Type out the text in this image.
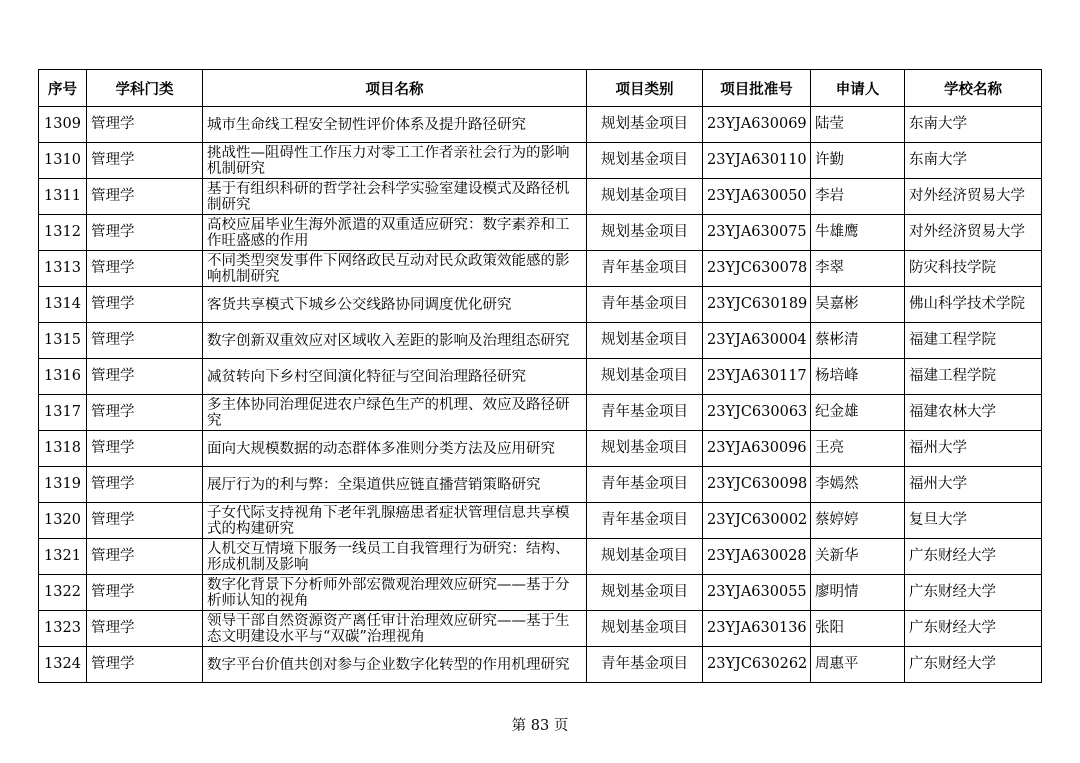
序号	学科门类	项目名称	项目类别	项目批准号	申请人	学校名称
1309	管理学	城市生命线工程安全韧性评价体系及提升路径研究	规划基金项目	23YJA630069	陆莹	东南大学
1310	管理学	挑战性—阻碍性工作压力对零工工作者亲社会行为的影响机制研究	规划基金项目	23YJA630110	许勤	东南大学
1311	管理学	基于有组织科研的哲学社会科学实验室建设模式及路径机制研究	规划基金项目	23YJA630050	李岩	对外经济贸易大学
1312	管理学	高校应届毕业生海外派遣的双重适应研究：数字素养和工作旺盛感的作用	规划基金项目	23YJA630075	牛雄鹰	对外经济贸易大学
1313	管理学	不同类型突发事件下网络政民互动对民众政策效能感的影响机制研究	青年基金项目	23YJC630078	李翠	防灾科技学院
1314	管理学	客货共享模式下城乡公交线路协同调度优化研究	青年基金项目	23YJC630189	吴嘉彬	佛山科学技术学院
1315	管理学	数字创新双重效应对区域收入差距的影响及治理组态研究	规划基金项目	23YJA630004	蔡彬清	福建工程学院
1316	管理学	减贫转向下乡村空间演化特征与空间治理路径研究	规划基金项目	23YJA630117	杨培峰	福建工程学院
1317	管理学	多主体协同治理促进农户绿色生产的机理、效应及路径研究	青年基金项目	23YJC630063	纪金雄	福建农林大学
1318	管理学	面向大规模数据的动态群体多准则分类方法及应用研究	规划基金项目	23YJA630096	王亮	福州大学
1319	管理学	展厅行为的利与弊：全渠道供应链直播营销策略研究	青年基金项目	23YJC630098	李嫣然	福州大学
1320	管理学	子女代际支持视角下老年乳腺癌患者症状管理信息共享模式的构建研究	青年基金项目	23YJC630002	蔡婷婷	复旦大学
1321	管理学	人机交互情境下服务一线员工自我管理行为研究：结构、形成机制及影响	规划基金项目	23YJA630028	关新华	广东财经大学
1322	管理学	数字化背景下分析师外部宏微观治理效应研究——基于分析师认知的视角	规划基金项目	23YJA630055	廖明情	广东财经大学
1323	管理学	领导干部自然资源资产离任审计治理效应研究——基于生态文明建设水平与“双碳”治理视角	规划基金项目	23YJA630136	张阳	广东财经大学
1324	管理学	数字平台价值共创对参与企业数字化转型的作用机理研究	青年基金项目	23YJC630262	周惠平	广东财经大学
第 83 页
